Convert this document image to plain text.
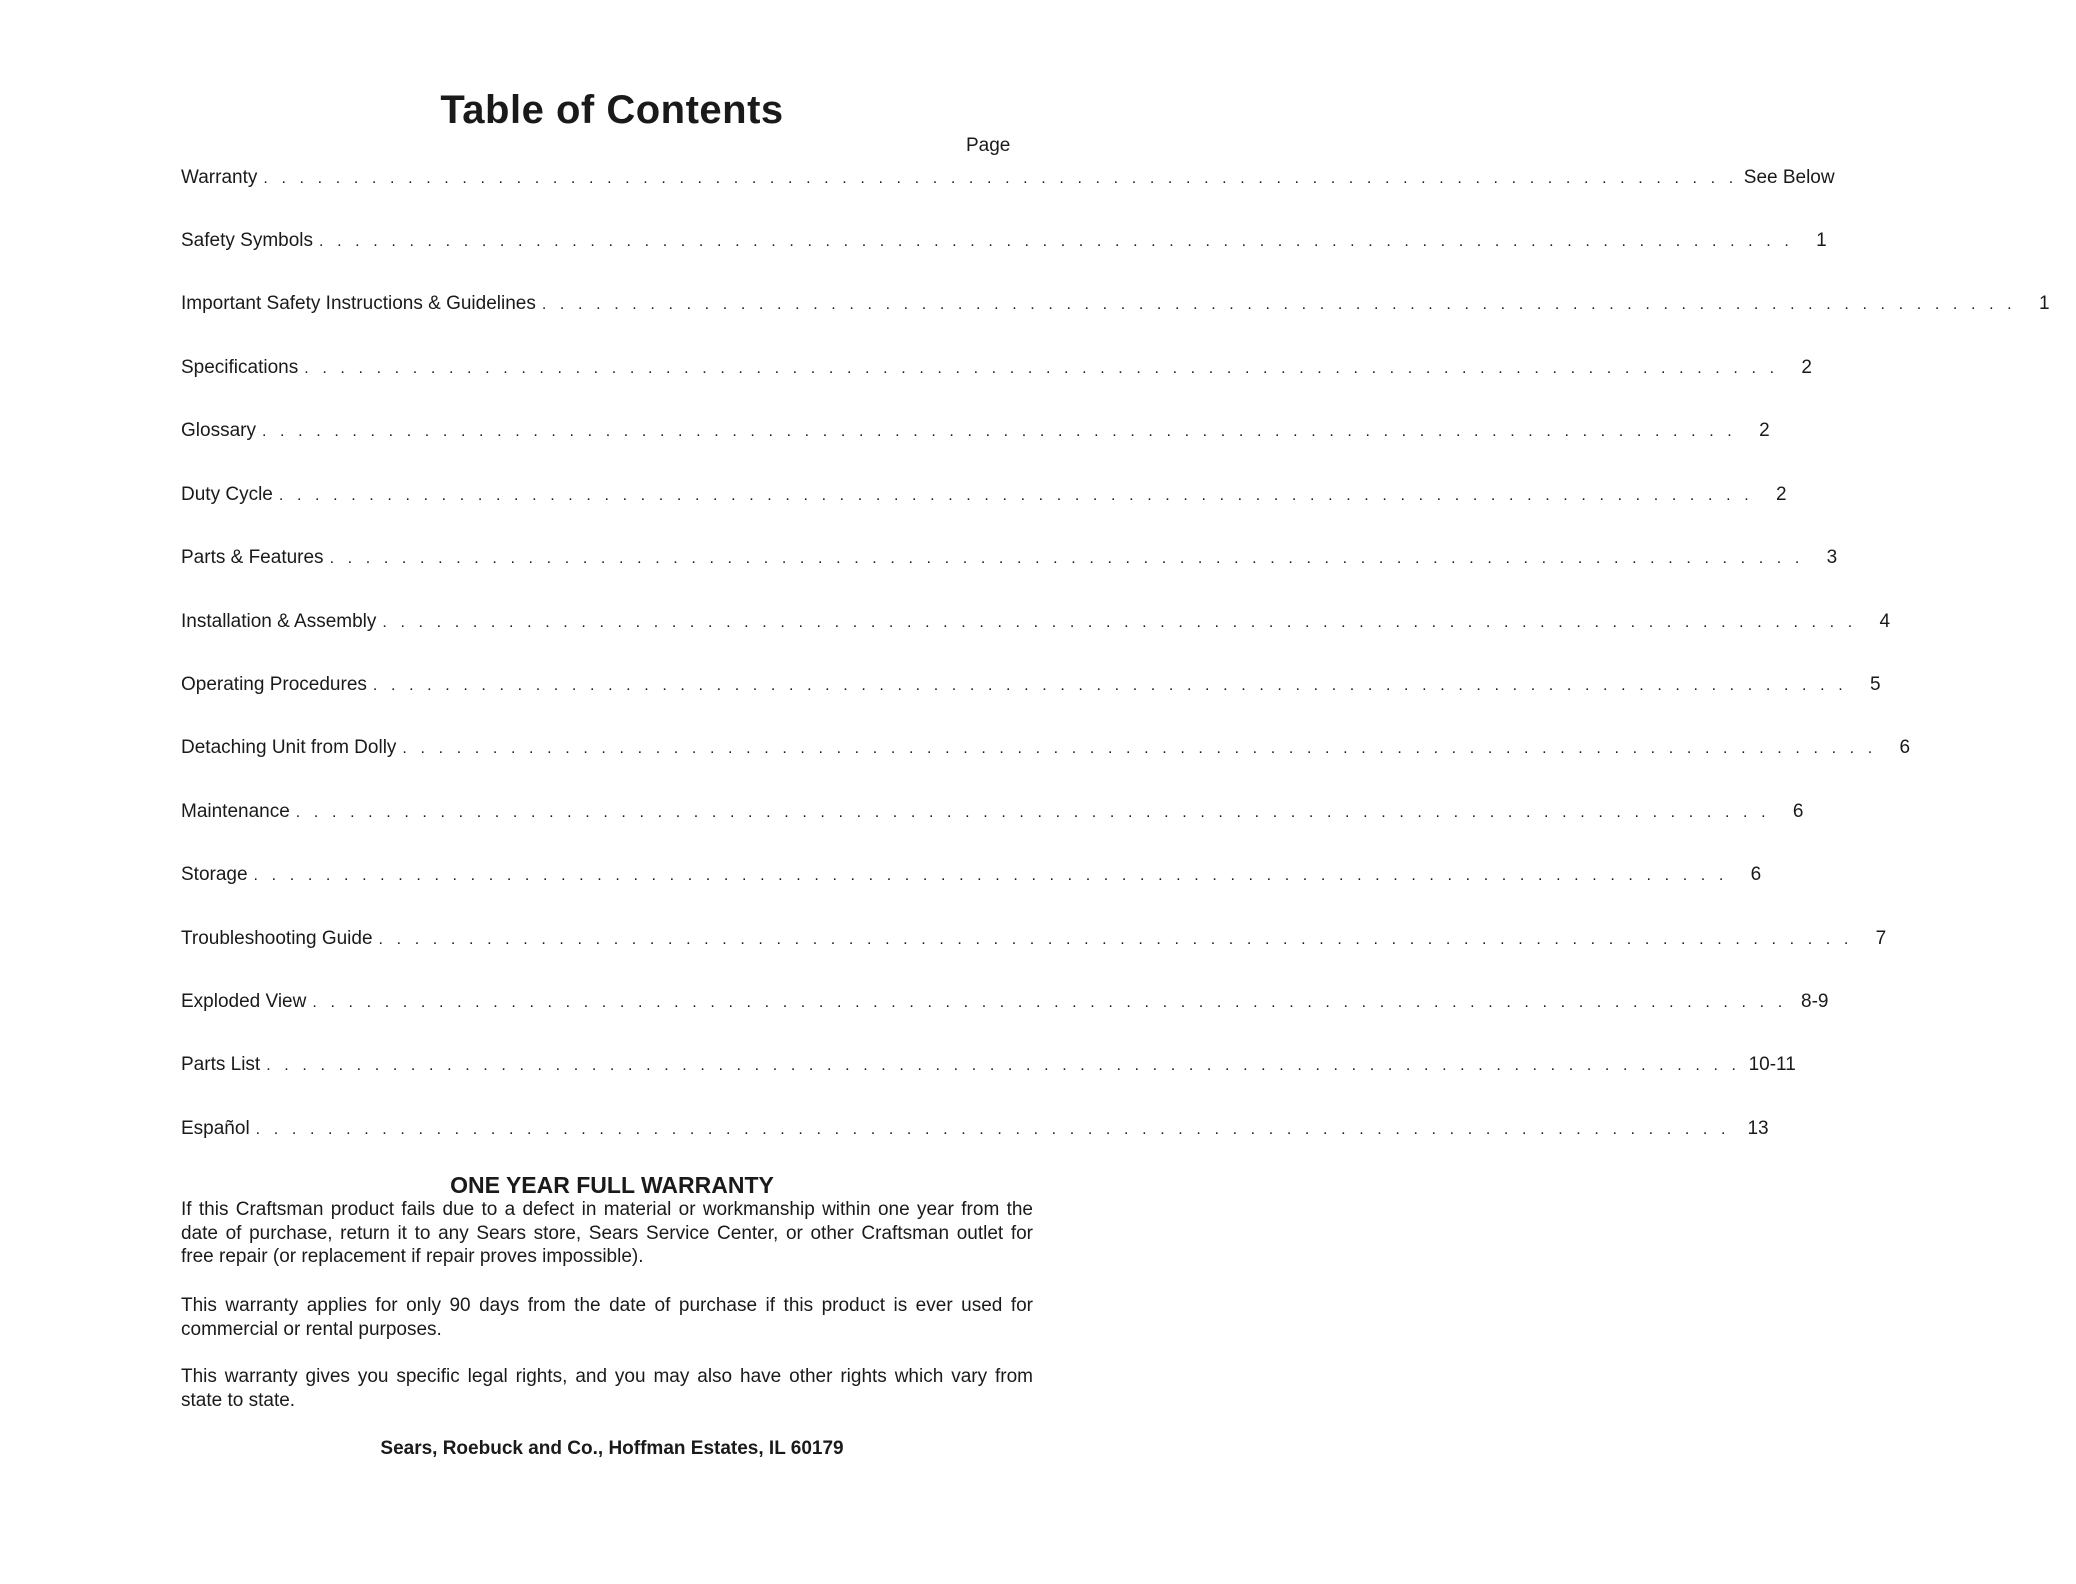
Table of Contents
Page
Warranty . . . . . . . . . . . . . . . . . . . . . . . . . . . . . . . . . . . . . . . . . . . . . . . . . . . . . . . . . . . . . . . . . . . . . . . . . . . . . . . . . . See Below
Safety Symbols . . . . . . . . . . . . . . . . . . . . . . . . . . . . . . . . . . . . . . . . . . . . . . . . . . . . . . . . . . . . . . . . . . . . . . . . . . . . . . . . . .	1
Important Safety Instructions & Guidelines . . . . . . . . . . . . . . . . . . . . . . . . . . . . . . . . . . . . . . . . . . . . . . . . . . . . . . . . . . . . . . . . . . . . . . . . . . . . . . . . . .	1
Specifications . . . . . . . . . . . . . . . . . . . . . . . . . . . . . . . . . . . . . . . . . . . . . . . . . . . . . . . . . . . . . . . . . . . . . . . . . . . . . . . . . .	2
Glossary . . . . . . . . . . . . . . . . . . . . . . . . . . . . . . . . . . . . . . . . . . . . . . . . . . . . . . . . . . . . . . . . . . . . . . . . . . . . . . . . . .	2
Duty Cycle . . . . . . . . . . . . . . . . . . . . . . . . . . . . . . . . . . . . . . . . . . . . . . . . . . . . . . . . . . . . . . . . . . . . . . . . . . . . . . . . . .	2
Parts & Features . . . . . . . . . . . . . . . . . . . . . . . . . . . . . . . . . . . . . . . . . . . . . . . . . . . . . . . . . . . . . . . . . . . . . . . . . . . . . . . . . .	3
Installation & Assembly . . . . . . . . . . . . . . . . . . . . . . . . . . . . . . . . . . . . . . . . . . . . . . . . . . . . . . . . . . . . . . . . . . . . . . . . . . . . . . . . . .	4
Operating Procedures . . . . . . . . . . . . . . . . . . . . . . . . . . . . . . . . . . . . . . . . . . . . . . . . . . . . . . . . . . . . . . . . . . . . . . . . . . . . . . . . . .	5
Detaching Unit from Dolly . . . . . . . . . . . . . . . . . . . . . . . . . . . . . . . . . . . . . . . . . . . . . . . . . . . . . . . . . . . . . . . . . . . . . . . . . . . . . . . . . .	6
Maintenance . . . . . . . . . . . . . . . . . . . . . . . . . . . . . . . . . . . . . . . . . . . . . . . . . . . . . . . . . . . . . . . . . . . . . . . . . . . . . . . . . .	6
Storage . . . . . . . . . . . . . . . . . . . . . . . . . . . . . . . . . . . . . . . . . . . . . . . . . . . . . . . . . . . . . . . . . . . . . . . . . . . . . . . . . .	6
Troubleshooting Guide . . . . . . . . . . . . . . . . . . . . . . . . . . . . . . . . . . . . . . . . . . . . . . . . . . . . . . . . . . . . . . . . . . . . . . . . . . . . . . . . . .	7
Exploded View . . . . . . . . . . . . . . . . . . . . . . . . . . . . . . . . . . . . . . . . . . . . . . . . . . . . . . . . . . . . . . . . . . . . . . . . . . . . . . . . . . 8-9
Parts List . . . . . . . . . . . . . . . . . . . . . . . . . . . . . . . . . . . . . . . . . . . . . . . . . . . . . . . . . . . . . . . . . . . . . . . . . . . . . . . . . . 10-11
Español . . . . . . . . . . . . . . . . . . . . . . . . . . . . . . . . . . . . . . . . . . . . . . . . . . . . . . . . . . . . . . . . . . . . . . . . . . . . . . . . . . 13
ONE YEAR FULL WARRANTY
If this Craftsman product fails due to a defect in material or workmanship within one year from the date of purchase, return it to any Sears store, Sears Service Center, or other Craftsman outlet for free repair (or replacement if repair proves impossible).
This warranty applies for only 90 days from the date of purchase if this product is ever used for commercial or rental purposes.
This warranty gives you specific legal rights, and you may also have other rights which vary from state to state.
Sears, Roebuck and Co., Hoffman Estates, IL 60179
